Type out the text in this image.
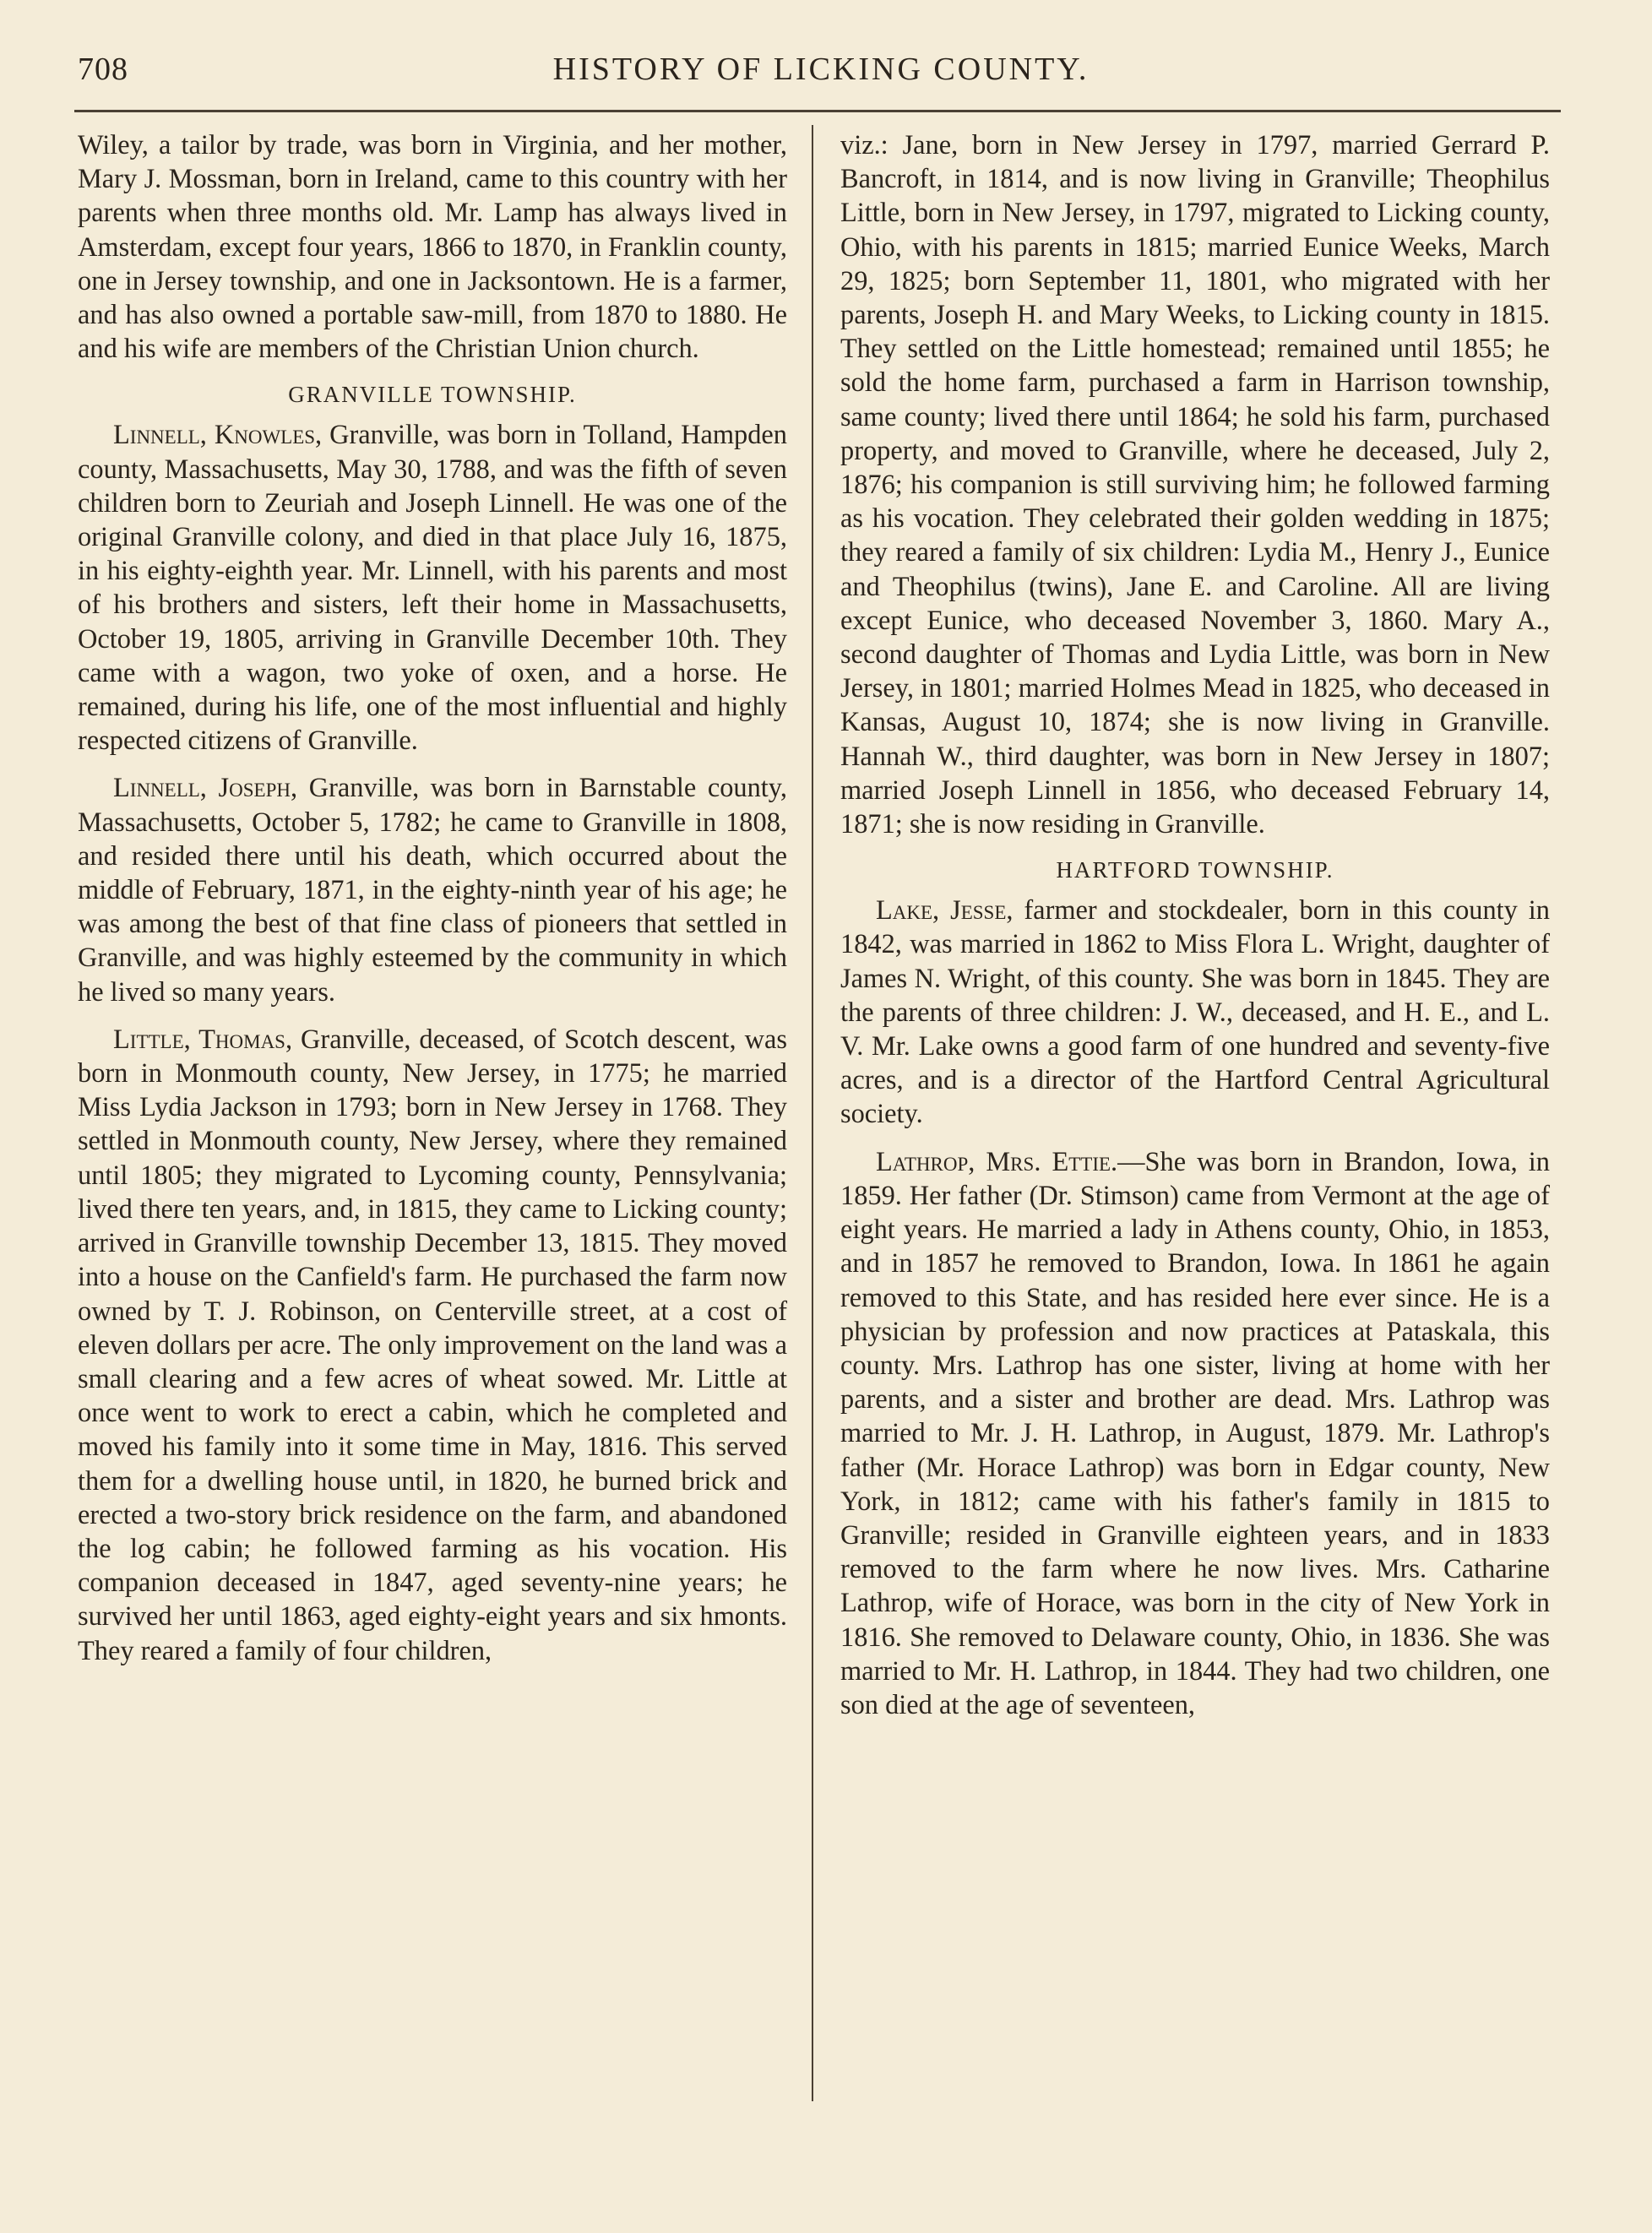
708	HISTORY OF LICKING COUNTY.

Wiley, a tailor by trade, was born in Virginia, and her mother, Mary J. Mossman, born in Ireland, came to this country with her parents when three months old. Mr. Lamp has always lived in Amsterdam, except four years, 1866 to 1870, in Franklin county, one in Jersey township, and one in Jacksontown. He is a farmer, and has also owned a portable saw-mill, from 1870 to 1880. He and his wife are members of the Christian Union church.

GRANVILLE TOWNSHIP.

Linnell, Knowles, Granville, was born in Tolland, Hampden county, Massachusetts, May 30, 1788, and was the fifth of seven children born to Zeuriah and Joseph Linnell. He was one of the original Granville colony, and died in that place July 16, 1875, in his eighty-eighth year. Mr. Linnell, with his parents and most of his brothers and sisters, left their home in Massachusetts, October 19, 1805, arriving in Granville December 10th. They came with a wagon, two yoke of oxen, and a horse. He remained, during his life, one of the most influential and highly respected citizens of Granville.

Linnell, Joseph, Granville, was born in Barnstable county, Massachusetts, October 5, 1782; he came to Granville in 1808, and resided there until his death, which occurred about the middle of February, 1871, in the eighty-ninth year of his age; he was among the best of that fine class of pioneers that settled in Granville, and was highly esteemed by the community in which he lived so many years.

Little, Thomas, Granville, deceased, of Scotch descent, was born in Monmouth county, New Jersey, in 1775; he married Miss Lydia Jackson in 1793; born in New Jersey in 1768. They settled in Monmouth county, New Jersey, where they remained until 1805; they migrated to Lycoming county, Pennsylvania; lived there ten years, and, in 1815, they came to Licking county; arrived in Granville township December 13, 1815. They moved into a house on the Canfield's farm. He purchased the farm now owned by T. J. Robinson, on Centerville street, at a cost of eleven dollars per acre. The only improvement on the land was a small clearing and a few acres of wheat sowed. Mr. Little at once went to work to erect a cabin, which he completed and moved his family into it some time in May, 1816. This served them for a dwelling house until, in 1820, he burned brick and erected a two-story brick residence on the farm, and abandoned the log cabin; he followed farming as his vocation. His companion deceased in 1847, aged seventy-nine years; he survived her until 1863, aged eighty-eight years and six hmonts. They reared a family of four children,

viz.: Jane, born in New Jersey in 1797, married Gerrard P. Bancroft, in 1814, and is now living in Granville; Theophilus Little, born in New Jersey, in 1797, migrated to Licking county, Ohio, with his parents in 1815; married Eunice Weeks, March 29, 1825; born September 11, 1801, who migrated with her parents, Joseph H. and Mary Weeks, to Licking county in 1815. They settled on the Little homestead; remained until 1855; he sold the home farm, purchased a farm in Harrison township, same county; lived there until 1864; he sold his farm, purchased property, and moved to Granville, where he deceased, July 2, 1876; his companion is still surviving him; he followed farming as his vocation. They celebrated their golden wedding in 1875; they reared a family of six children: Lydia M., Henry J., Eunice and Theophilus (twins), Jane E. and Caroline. All are living except Eunice, who deceased November 3, 1860. Mary A., second daughter of Thomas and Lydia Little, was born in New Jersey, in 1801; married Holmes Mead in 1825, who deceased in Kansas, August 10, 1874; she is now living in Granville. Hannah W., third daughter, was born in New Jersey in 1807; married Joseph Linnell in 1856, who deceased February 14, 1871; she is now residing in Granville.

HARTFORD TOWNSHIP.

Lake, Jesse, farmer and stockdealer, born in this county in 1842, was married in 1862 to Miss Flora L. Wright, daughter of James N. Wright, of this county. She was born in 1845. They are the parents of three children: J. W., deceased, and H. E., and L. V. Mr. Lake owns a good farm of one hundred and seventy-five acres, and is a director of the Hartford Central Agricultural society.

Lathrop, Mrs. Ettie.—She was born in Brandon, Iowa, in 1859. Her father (Dr. Stimson) came from Vermont at the age of eight years. He married a lady in Athens county, Ohio, in 1853, and in 1857 he removed to Brandon, Iowa. In 1861 he again removed to this State, and has resided here ever since. He is a physician by profession and now practices at Pataskala, this county. Mrs. Lathrop has one sister, living at home with her parents, and a sister and brother are dead. Mrs. Lathrop was married to Mr. J. H. Lathrop, in August, 1879. Mr. Lathrop's father (Mr. Horace Lathrop) was born in Edgar county, New York, in 1812; came with his father's family in 1815 to Granville; resided in Granville eighteen years, and in 1833 removed to the farm where he now lives. Mrs. Catharine Lathrop, wife of Horace, was born in the city of New York in 1816. She removed to Delaware county, Ohio, in 1836. She was married to Mr. H. Lathrop, in 1844. They had two children, one son died at the age of seventeen,
